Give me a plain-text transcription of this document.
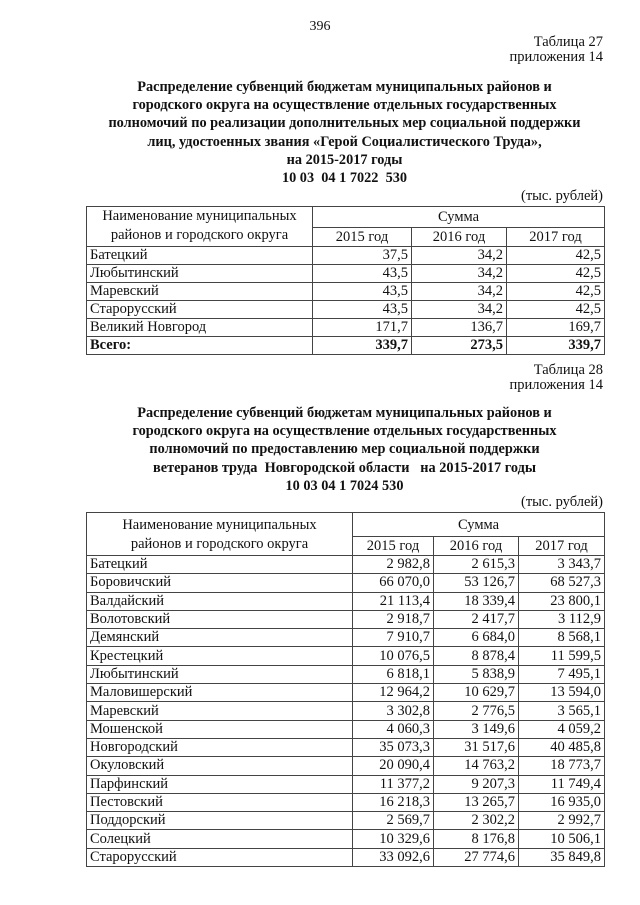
396
Таблица 27
приложения 14
Распределение субвенций бюджетам муниципальных районов и
городского округа на осуществление отдельных государственных
полномочий по реализации дополнительных мер социальной поддержки
лиц, удостоенных звания «Герой Социалистического Труда»,
на 2015-2017 годы
10 03  04 1 7022  530
(тыс. рублей)
Наименование муниципальных районов и городского округа	Сумма		
	2015 год	2016 год	2017 год
Батецкий	37,5	34,2	42,5
Любытинский	43,5	34,2	42,5
Маревский	43,5	34,2	42,5
Старорусский	43,5	34,2	42,5
Великий Новгород	171,7	136,7	169,7
Всего:	339,7	273,5	339,7
Таблица 28
приложения 14
Распределение субвенций бюджетам муниципальных районов и
городского округа на осуществление отдельных государственных
полномочий по предоставлению мер социальной поддержки
ветеранов труда  Новгородской области   на 2015-2017 годы
10 03 04 1 7024 530
(тыс. рублей)
Наименование муниципальных районов и городского округа	Сумма		
	2015 год	2016 год	2017 год
Батецкий	2 982,8	2 615,3	3 343,7
Боровичский	66 070,0	53 126,7	68 527,3
Валдайский	21 113,4	18 339,4	23 800,1
Волотовский	2 918,7	2 417,7	3 112,9
Демянский	7 910,7	6 684,0	8 568,1
Крестецкий	10 076,5	8 878,4	11 599,5
Любытинский	6 818,1	5 838,9	7 495,1
Маловишерский	12 964,2	10 629,7	13 594,0
Маревский	3 302,8	2 776,5	3 565,1
Мошенской	4 060,3	3 149,6	4 059,2
Новгородский	35 073,3	31 517,6	40 485,8
Окуловский	20 090,4	14 763,2	18 773,7
Парфинский	11 377,2	9 207,3	11 749,4
Пестовский	16 218,3	13 265,7	16 935,0
Поддорский	2 569,7	2 302,2	2 992,7
Солецкий	10 329,6	8 176,8	10 506,1
Старорусский	33 092,6	27 774,6	35 849,8
